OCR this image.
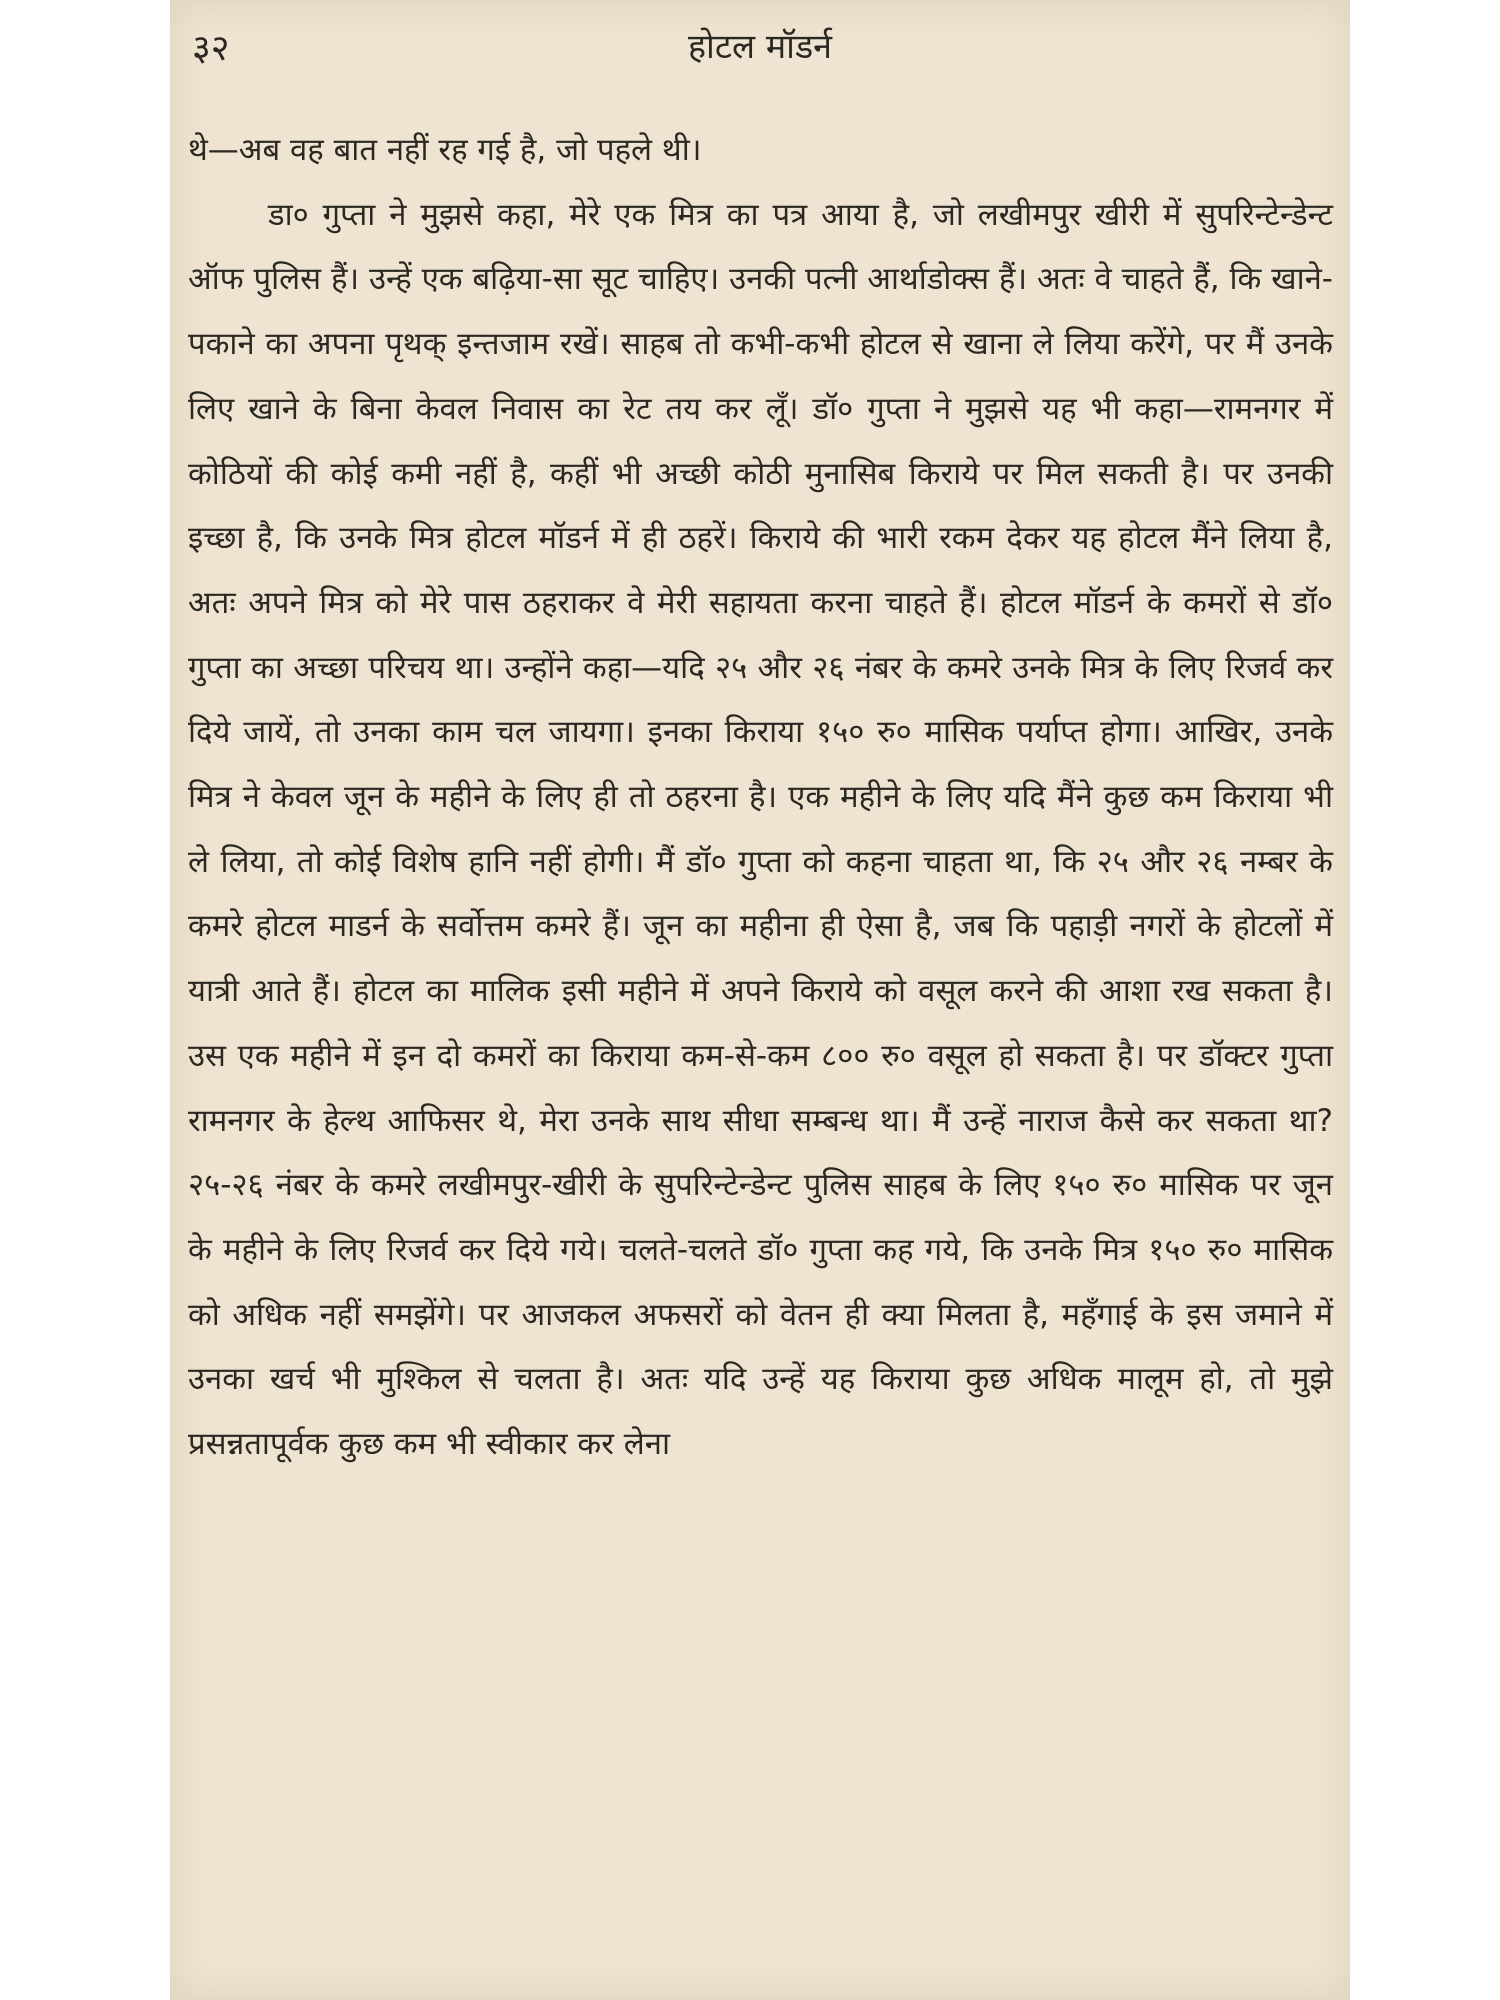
३२	होटल मॉडर्न

थे—अब वह बात नहीं रह गई है, जो पहले थी।

डा० गुप्ता ने मुझसे कहा, मेरे एक मित्र का पत्र आया है, जो लखीमपुर खीरी में सुपरिन्टेन्डेन्ट ऑफ पुलिस हैं। उन्हें एक बढ़िया-सा सूट चाहिए। उनकी पत्नी आर्थाडोक्स हैं। अतः वे चाहते हैं, कि खाने-पकाने का अपना पृथक् इन्तजाम रखें। साहब तो कभी-कभी होटल से खाना ले लिया करेंगे, पर मैं उनके लिए खाने के बिना केवल निवास का रेट तय कर लूँ। डॉ० गुप्ता ने मुझसे यह भी कहा—रामनगर में कोठियों की कोई कमी नहीं है, कहीं भी अच्छी कोठी मुनासिब किराये पर मिल सकती है। पर उनकी इच्छा है, कि उनके मित्र होटल मॉडर्न में ही ठहरें। किराये की भारी रकम देकर यह होटल मैंने लिया है, अतः अपने मित्र को मेरे पास ठहराकर वे मेरी सहायता करना चाहते हैं। होटल मॉडर्न के कमरों से डॉ० गुप्ता का अच्छा परिचय था। उन्होंने कहा—यदि २५ और २६ नंबर के कमरे उनके मित्र के लिए रिजर्व कर दिये जायें, तो उनका काम चल जायगा। इनका किराया १५० रु० मासिक पर्याप्त होगा। आखिर, उनके मित्र ने केवल जून के महीने के लिए ही तो ठहरना है। एक महीने के लिए यदि मैंने कुछ कम किराया भी ले लिया, तो कोई विशेष हानि नहीं होगी। मैं डॉ० गुप्ता को कहना चाहता था, कि २५ और २६ नम्बर के कमरे होटल माडर्न के सर्वोत्तम कमरे हैं। जून का महीना ही ऐसा है, जब कि पहाड़ी नगरों के होटलों में यात्री आते हैं। होटल का मालिक इसी महीने में अपने किराये को वसूल करने की आशा रख सकता है। उस एक महीने में इन दो कमरों का किराया कम-से-कम ८०० रु० वसूल हो सकता है। पर डॉक्टर गुप्ता रामनगर के हेल्थ आफिसर थे, मेरा उनके साथ सीधा सम्बन्ध था। मैं उन्हें नाराज कैसे कर सकता था? २५-२६ नंबर के कमरे लखीमपुर-खीरी के सुपरिन्टेन्डेन्ट पुलिस साहब के लिए १५० रु० मासिक पर जून के महीने के लिए रिजर्व कर दिये गये। चलते-चलते डॉ० गुप्ता कह गये, कि उनके मित्र १५० रु० मासिक को अधिक नहीं समझेंगे। पर आजकल अफसरों को वेतन ही क्या मिलता है, महँगाई के इस जमाने में उनका खर्च भी मुश्किल से चलता है। अतः यदि उन्हें यह किराया कुछ अधिक मालूम हो, तो मुझे प्रसन्नतापूर्वक कुछ कम भी स्वीकार कर लेना
